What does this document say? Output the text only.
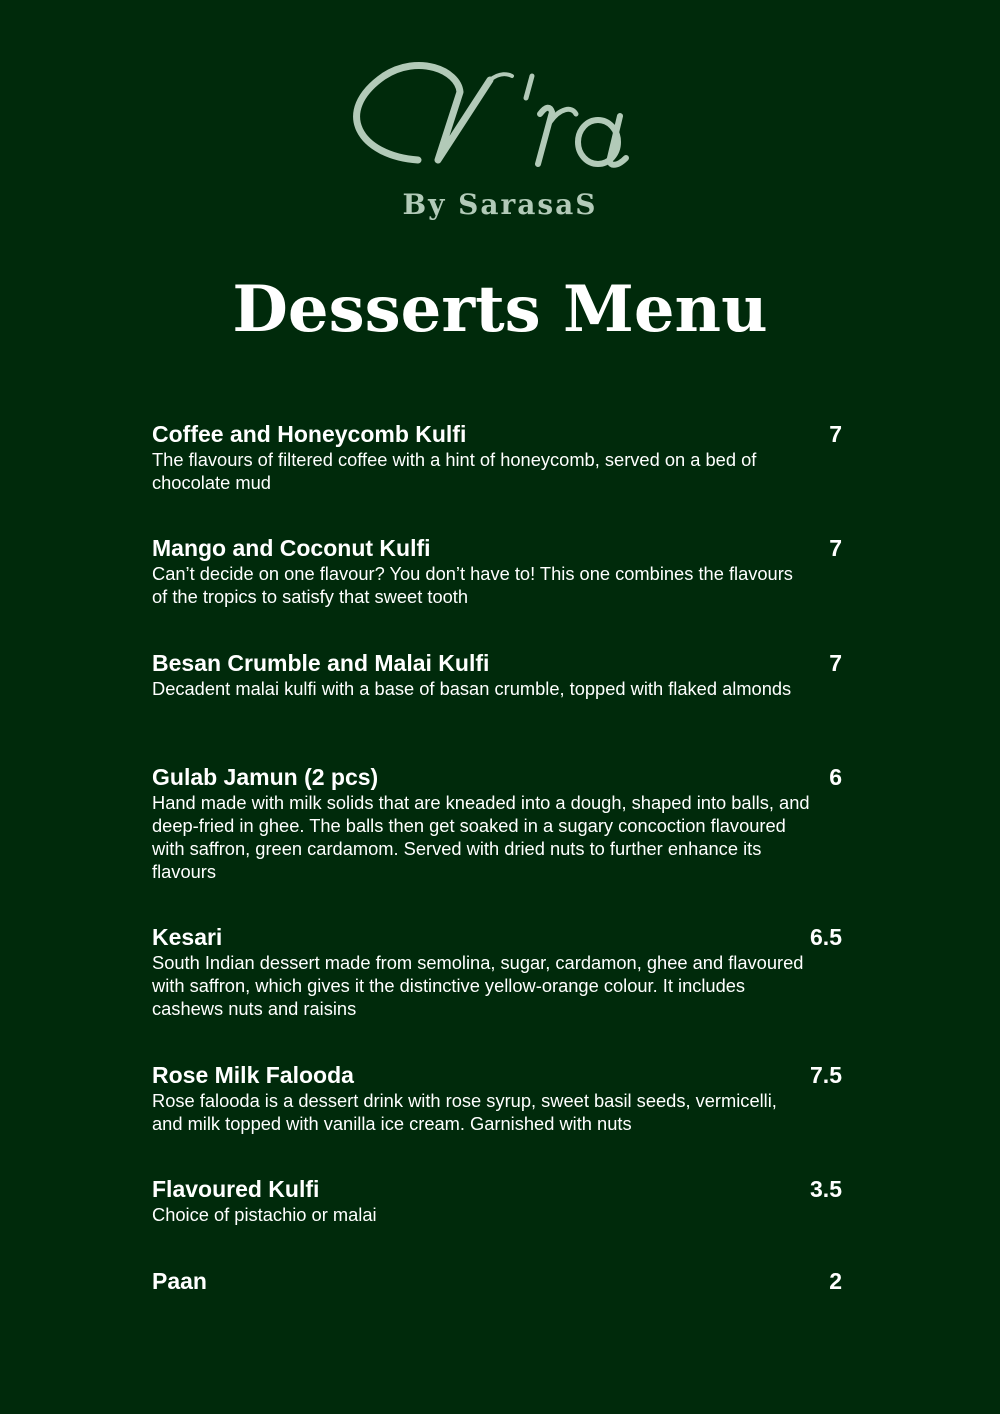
By SarasaS
Desserts Menu
Coffee and Honeycomb Kulfi	7
The flavours of filtered coffee with a hint of honeycomb, served on a bed of chocolate mud
Mango and Coconut Kulfi	7
Can’t decide on one flavour? You don’t have to! This one combines the flavours of the tropics to satisfy that sweet tooth
Besan Crumble and Malai Kulfi	7
Decadent malai kulfi with a base of basan crumble, topped with flaked almonds
Gulab Jamun (2 pcs)	6
Hand made with milk solids that are kneaded into a dough, shaped into balls, and deep-fried in ghee. The balls then get soaked in a sugary concoction flavoured with saffron, green cardamom. Served with dried nuts to further enhance its flavours
Kesari	6.5
South Indian dessert made from semolina, sugar, cardamon, ghee and flavoured with saffron, which gives it the distinctive yellow-orange colour. It includes cashews nuts and raisins
Rose Milk Falooda	7.5
Rose falooda is a dessert drink with rose syrup, sweet basil seeds, vermicelli, and milk topped with vanilla ice cream. Garnished with nuts
Flavoured Kulfi	3.5
Choice of pistachio or malai
Paan	2
